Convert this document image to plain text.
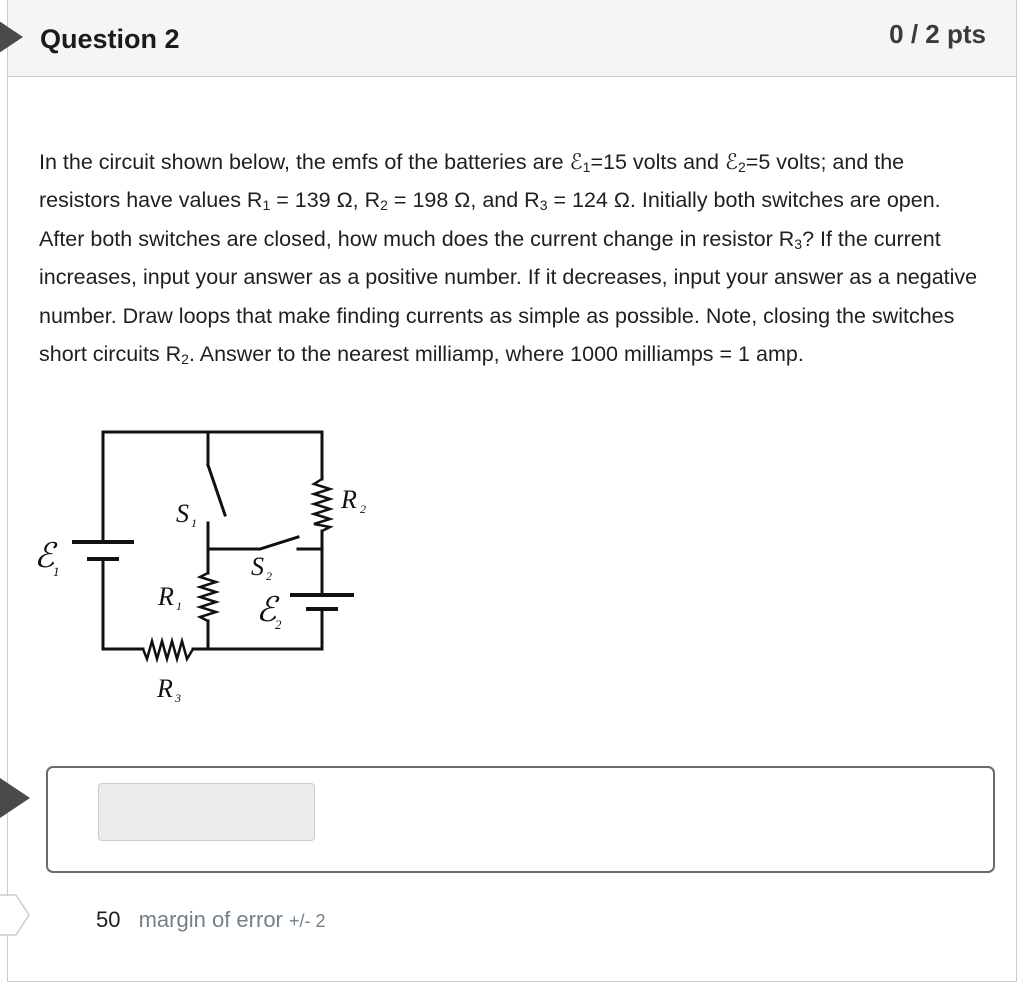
Question 2	0 / 2 pts
50 margin of error +/- 2
In the circuit shown below, the emfs of the batteries are ℰ$_1$=15 volts and ℰ$_2$=5 volts; and the resistors have values $R_1 = 139$ Ω, $R_2 = 198$ Ω, and $R_3 = 124$ Ω. Initially both switches are open. After both switches are closed, how much does the current change in resistor $R_3$? If the current increases, input your answer as a positive number. If it decreases, input your answer as a negative number. Draw loops that make finding currents as simple as possible. Note, closing the switches short circuits $R_2$. Answer to the nearest milliamp, where 1000 milliamps = 1 amp.
ℰ
1
ℰ
2
S 1
S 2
R 1
R 2
R 3
